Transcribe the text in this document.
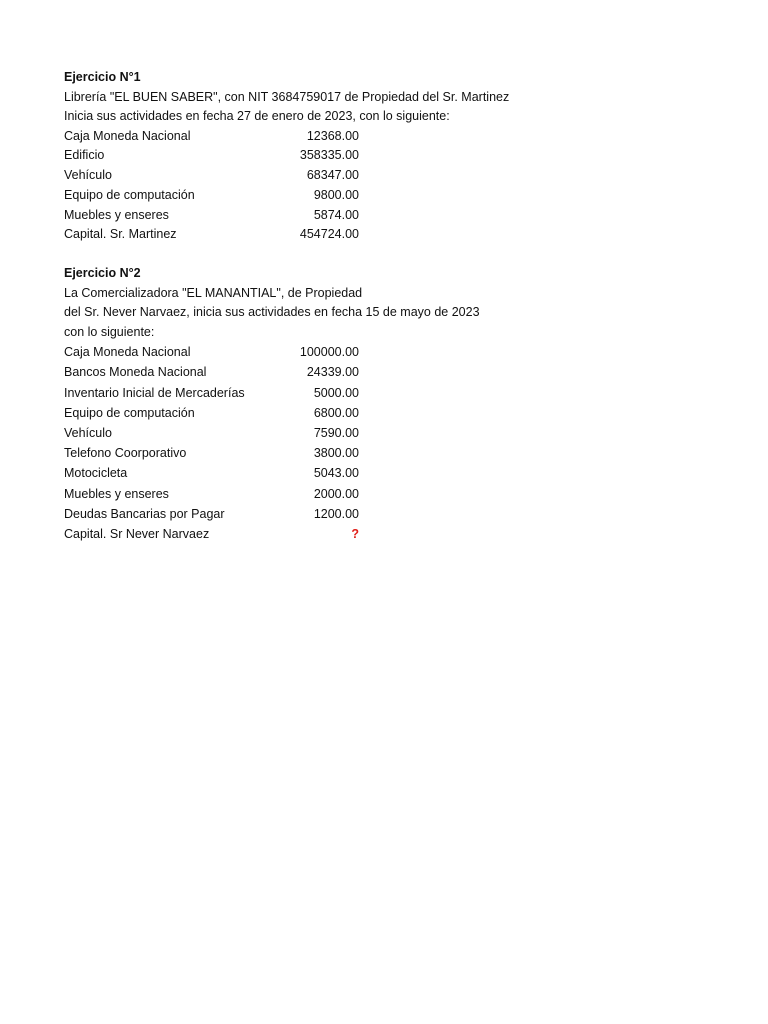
Ejercicio N°1
Librería "EL BUEN SABER", con NIT 3684759017 de Propiedad del Sr. Martinez
Inicia sus actividades en fecha 27 de enero de 2023, con lo siguiente:
Caja Moneda Nacional	12368.00
Edificio	358335.00
Vehículo	68347.00
Equipo de computación	9800.00
Muebles y enseres	5874.00
Capital. Sr. Martinez	454724.00
Ejercicio N°2
La Comercializadora "EL MANANTIAL", de Propiedad
del Sr. Never Narvaez, inicia sus actividades en fecha 15 de mayo de 2023
con lo siguiente:
Caja Moneda Nacional	100000.00
Bancos Moneda Nacional	24339.00
Inventario Inicial de Mercaderías	5000.00
Equipo de computación	6800.00
Vehículo	7590.00
Telefono Coorporativo	3800.00
Motocicleta	5043.00
Muebles y enseres	2000.00
Deudas Bancarias por Pagar	1200.00
Capital. Sr Never Narvaez	?
